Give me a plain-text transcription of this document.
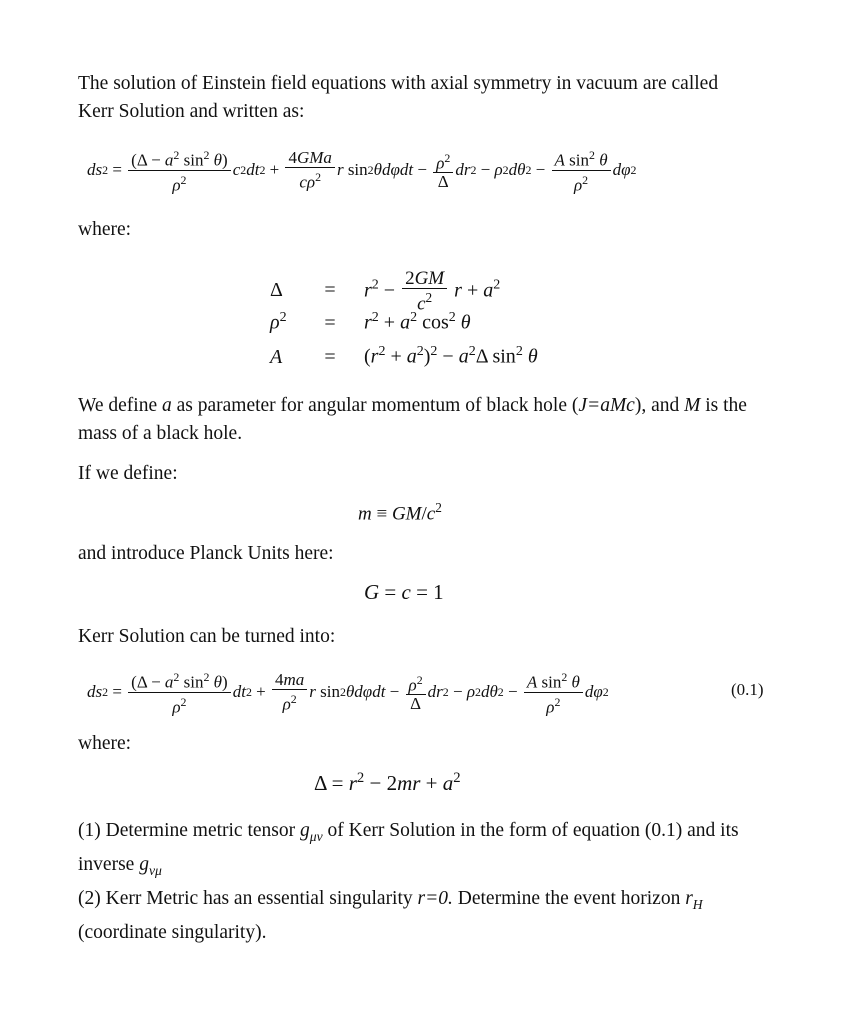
The solution of Einstein field equations with axial symmetry in vacuum are called Kerr Solution and written as:
ds $2 = \frac{(\Delta - a^2 \sin^2 \theta)}{\rho^2}$ c 2 dt $2 + \frac{\text{4GMa}}{c\rho^2}$ r sin 2 $\theta d\varphi dt - \frac{\rho^2}{\Delta}$ dr 2 − ρ 2 dθ $2 - \frac{A \sin^2 \theta}{\rho^2}$ dφ 2
where:
$\Delta = r^2 - \frac{2GM}{c^2}$ $r + a^2$
$\rho^2 = r^2 + a^2$ $\cos^2 \theta$
$A = (r^2 + a^2)^2 - a^2\Delta$ $\sin^2 \theta$
We define a as parameter for angular momentum of black hole (J=aMc), and M is the mass of a black hole.
If we define:
$m \equiv GM/c^2$
and introduce Planck Units here:
G = c = 1
Kerr Solution can be turned into:
ds $2 = \frac{(\Delta - a^2 \sin^2 \theta)}{\rho^2}$ dt $2 + \frac{4ma}{\rho^2}$ r sin 2 $\theta d\varphi dt - \frac{\rho^2}{\Delta}$ dr 2 − ρ 2 dθ $2 - \frac{A \sin^2 \theta}{\rho^2}$ dφ 2	(0.1)
where:
$\Delta = r^2 - 2mr + a^2$
(1) Determine metric tensor $g_{\mu\nu}$ of Kerr Solution in the form of equation (0.1) and its inverse $g_{\nu\mu}$
(2) Kerr Metric has an essential singularity r=0. Determine the event horizon $r_H$ (coordinate singularity).
